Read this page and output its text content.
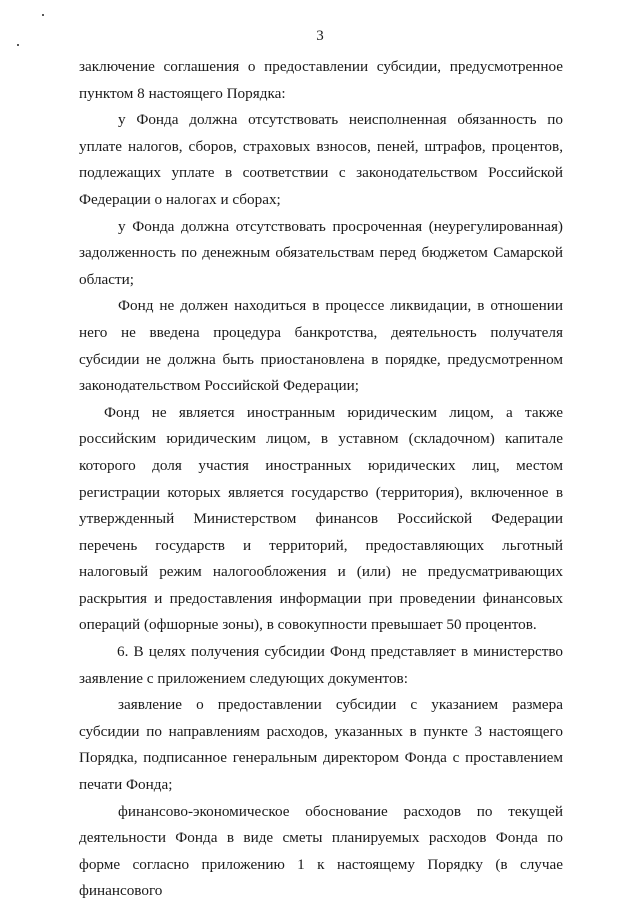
3

заключение соглашения о предоставлении субсидии, предусмотренное пунктом 8 настоящего Порядка:

у Фонда должна отсутствовать неисполненная обязанность по уплате налогов, сборов, страховых взносов, пеней, штрафов, процентов, подлежащих уплате в соответствии с законодательством Российской Федерации о налогах и сборах;

у Фонда должна отсутствовать просроченная (неурегулированная) задолженность по денежным обязательствам перед бюджетом Самарской области;

Фонд не должен находиться в процессе ликвидации, в отношении него не введена процедура банкротства, деятельность получателя субсидии не должна быть приостановлена в порядке, предусмотренном законодательством Российской Федерации;

Фонд не является иностранным юридическим лицом, а также российским юридическим лицом, в уставном (складочном) капитале которого доля участия иностранных юридических лиц, местом регистрации которых является государство (территория), включенное в утвержденный Министерством финансов Российской Федерации перечень государств и территорий, предоставляющих льготный налоговый режим налогообложения и (или) не предусматривающих раскрытия и предоставления информации при проведении финансовых операций (офшорные зоны), в совокупности превышает 50 процентов.

6. В целях получения субсидии Фонд представляет в министерство заявление с приложением следующих документов:

заявление о предоставлении субсидии с указанием размера субсидии по направлениям расходов, указанных в пункте 3 настоящего Порядка, подписанное генеральным директором Фонда с проставлением печати Фонда;

финансово-экономическое обоснование расходов по текущей деятельности Фонда в виде сметы планируемых расходов Фонда по форме согласно приложению 1 к настоящему Порядку (в случае финансового
